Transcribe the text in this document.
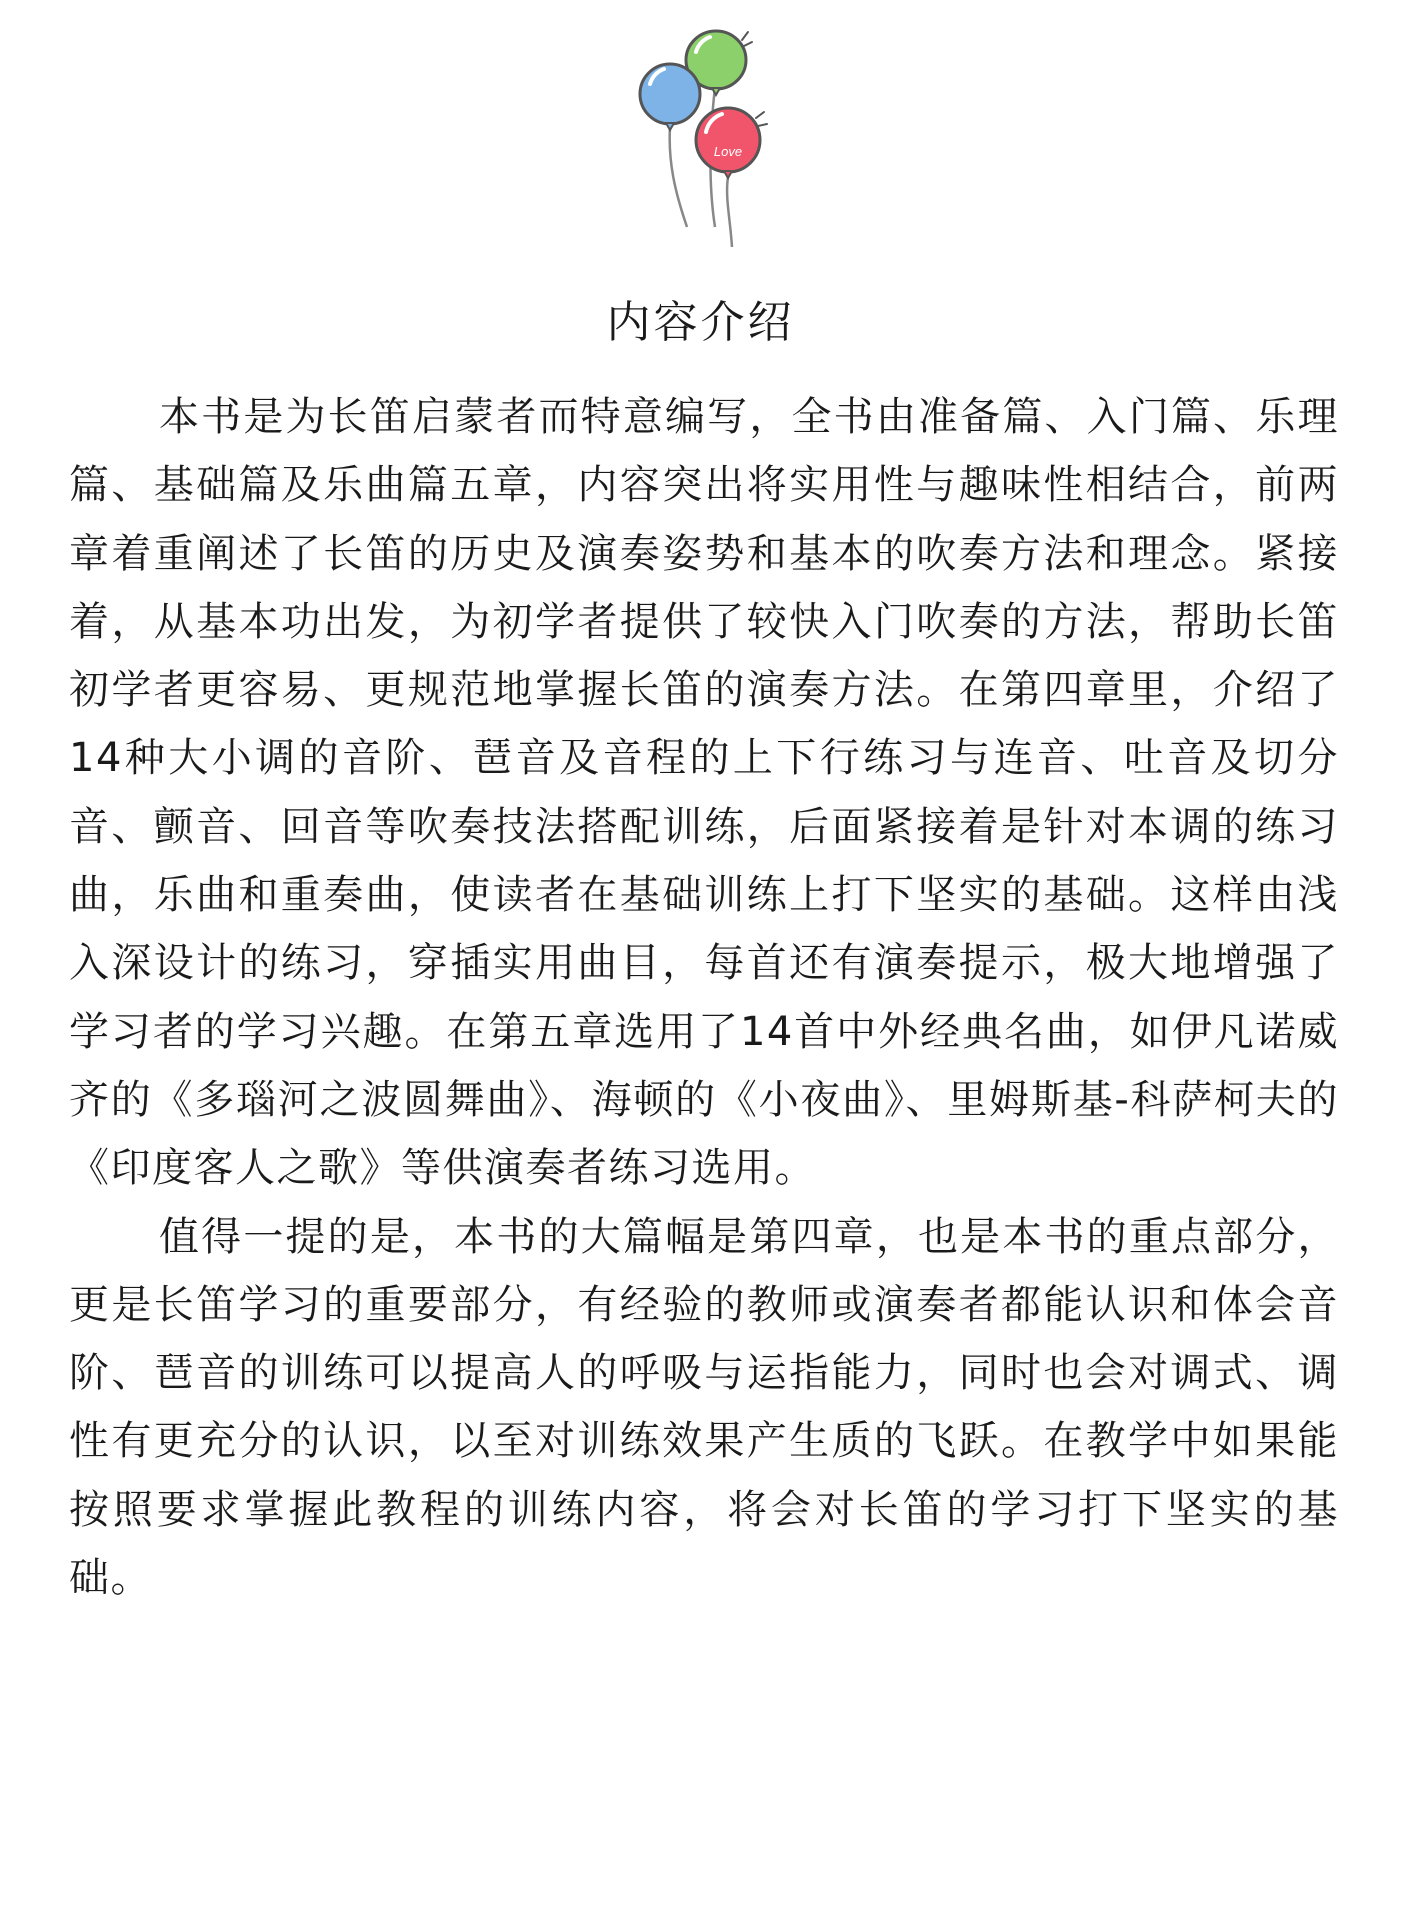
Love
内容介绍

本书是为长笛启蒙者而特意编写，全书由准备篇、入门篇、乐理篇、基础篇及乐曲篇五章，内容突出将实用性与趣味性相结合，前两章着重阐述了长笛的历史及演奏姿势和基本的吹奏方法和理念。紧接着，从基本功出发，为初学者提供了较快入门吹奏的方法，帮助长笛初学者更容易、更规范地掌握长笛的演奏方法。在第四章里，介绍了14种大小调的音阶、琶音及音程的上下行练习与连音、吐音及切分音、颤音、回音等吹奏技法搭配训练，后面紧接着是针对本调的练习曲，乐曲和重奏曲，使读者在基础训练上打下坚实的基础。这样由浅入深设计的练习，穿插实用曲目，每首还有演奏提示，极大地增强了学习者的学习兴趣。在第五章选用了14首中外经典名曲，如伊凡诺威齐的《多瑙河之波圆舞曲》、海顿的《小夜曲》、里姆斯基-科萨柯夫的《印度客人之歌》等供演奏者练习选用。

值得一提的是，本书的大篇幅是第四章，也是本书的重点部分，更是长笛学习的重要部分，有经验的教师或演奏者都能认识和体会音阶、琶音的训练可以提高人的呼吸与运指能力，同时也会对调式、调性有更充分的认识，以至对训练效果产生质的飞跃。在教学中如果能按照要求掌握此教程的训练内容，将会对长笛的学习打下坚实的基础。
